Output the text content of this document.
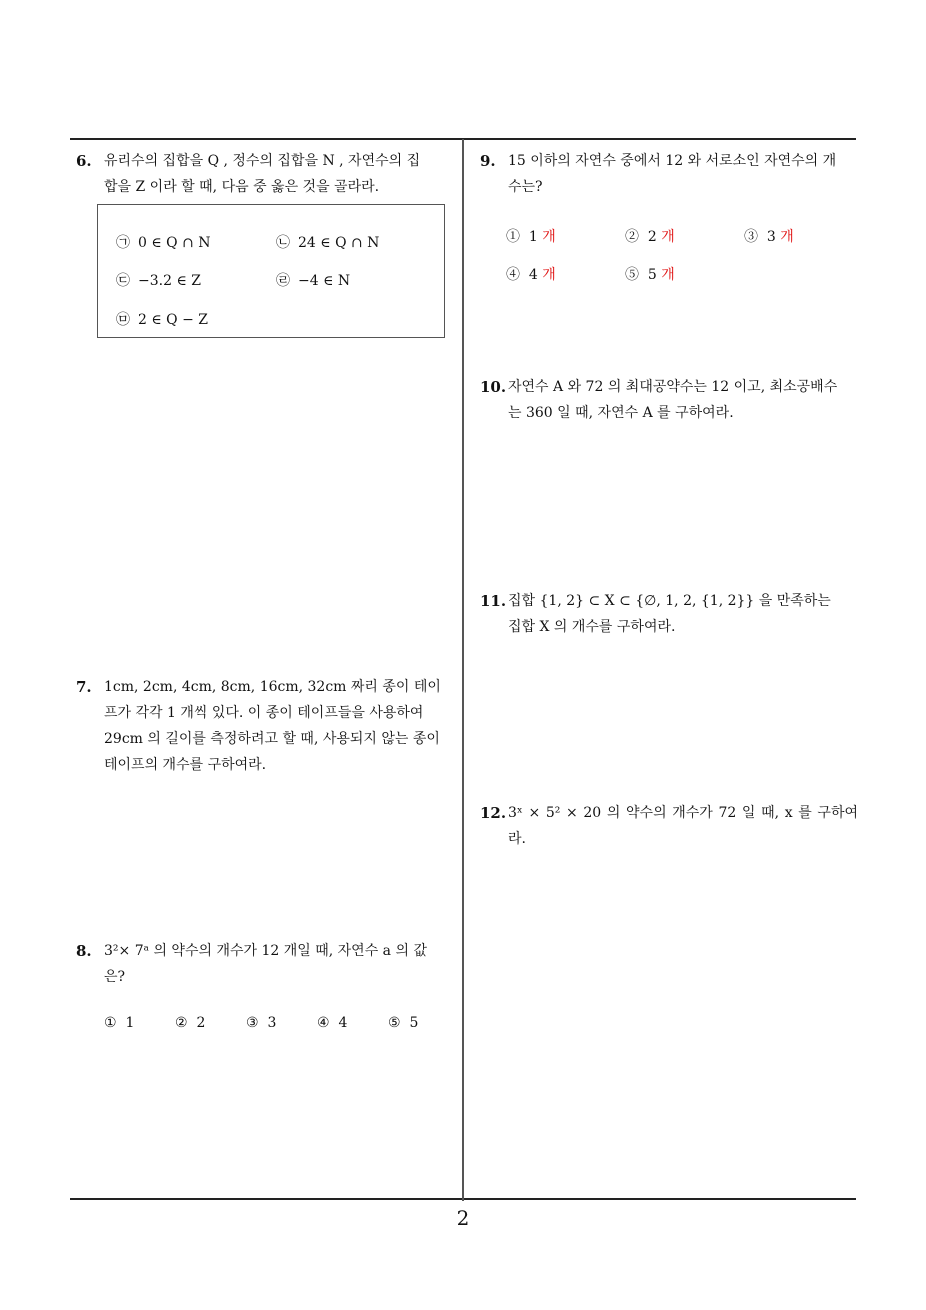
6. 유리수의 집합을 Q , 정수의 집합을 N , 자연수의 집
합을 Z 이라 할 때, 다음 중 옳은 것을 골라라.
㉠ 0 ∈ Q ∩ N	㉡ 24 ∈ Q ∩ N
㉢ −3.2 ∈ Z	㉣ −4 ∈ N
㉤ 2 ∈ Q − Z
7. 1cm, 2cm, 4cm, 8cm, 16cm, 32cm 짜리 종이 테이
프가 각각 1 개씩 있다. 이 종이 테이프들을 사용하여
29cm 의 길이를 측정하려고 할 때, 사용되지 않는 종이
테이프의 개수를 구하여라.
8. 3²× 7ᵃ 의 약수의 개수가 12 개일 때, 자연수 a 의 값
은?
① 1	② 2	③ 3	④ 4	⑤ 5
9. 15 이하의 자연수 중에서 12 와 서로소인 자연수의 개
수는?
① 1 개	② 2 개	③ 3 개
④ 4 개	⑤ 5 개
10. 자연수 A 와 72 의 최대공약수는 12 이고, 최소공배수
는 360 일 때, 자연수 A 를 구하여라.
11. 집합 {1, 2} ⊂ X ⊂ {∅, 1, 2, {1, 2}} 을 만족하는
집합 X 의 개수를 구하여라.
12. 3ˣ × 5² × 20 의 약수의 개수가 72 일 때, x 를 구하여라.
2
